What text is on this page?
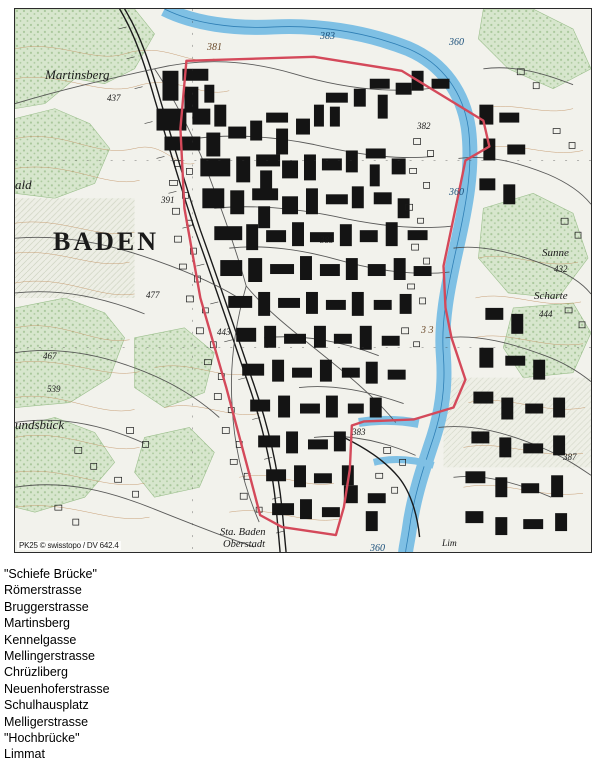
Martinsberg
437
BADEN
ald
undsbück
Sunne
432
Scharte
444
467
539
477
443
391
385
382
383
387
381
383
360
360
3 3
360
Sta. Baden
Oberstadt	Lim
PK25 © swisstopo / DV 642.4
"Schiefe Brücke"
Römerstrasse
Bruggerstrasse
Martinsberg
Kennelgasse
Mellingerstrasse
Chrüzliberg
Neuenhoferstrasse
Schulhausplatz
Melligerstrasse
"Hochbrücke"
Limmat
